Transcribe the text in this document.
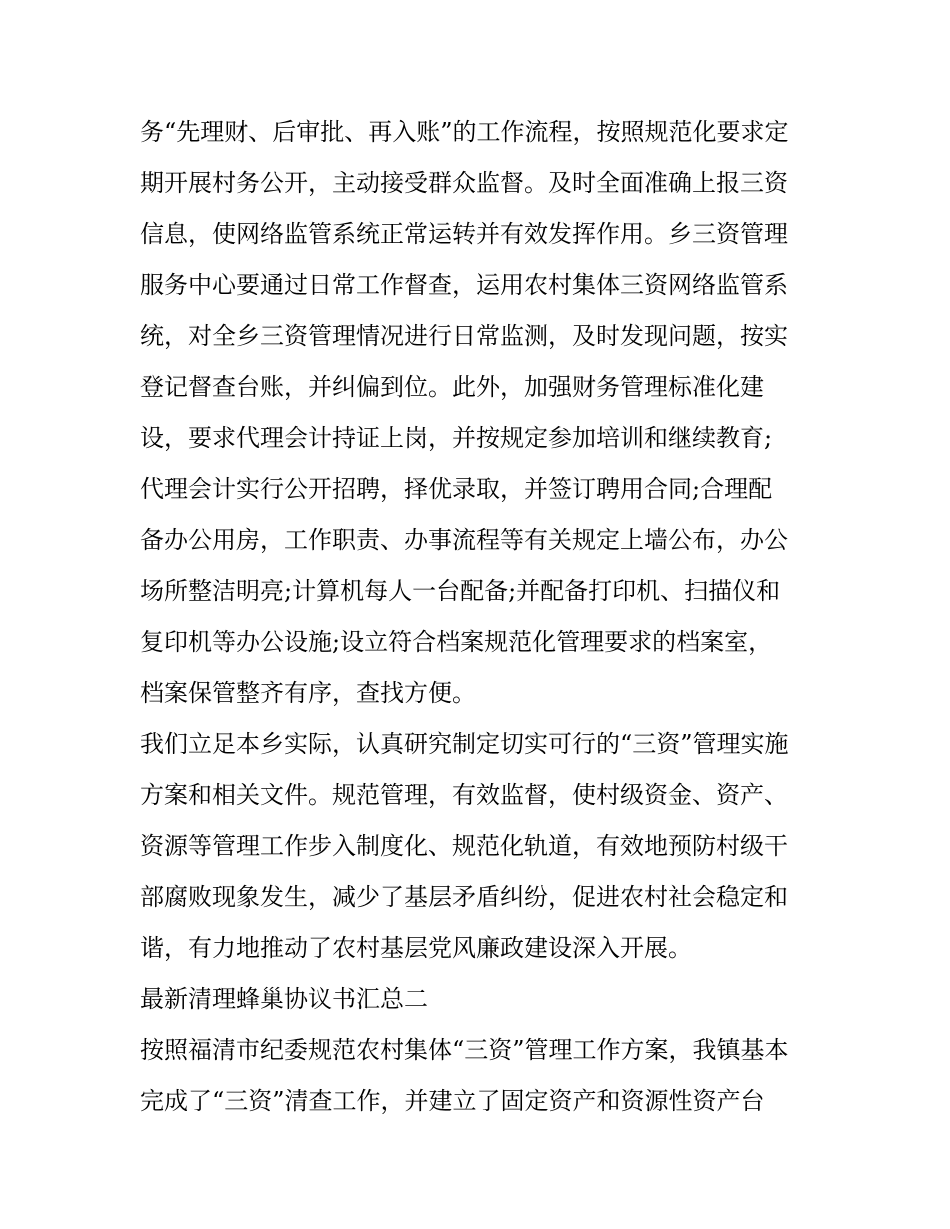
务“先理财、后审批、再入账”的工作流程，按照规范化要求定
期开展村务公开，主动接受群众监督。及时全面准确上报三资
信息，使网络监管系统正常运转并有效发挥作用。乡三资管理
服务中心要通过日常工作督查，运用农村集体三资网络监管系
统，对全乡三资管理情况进行日常监测，及时发现问题，按实
登记督查台账，并纠偏到位。此外，加强财务管理标准化建
设，要求代理会计持证上岗，并按规定参加培训和继续教育;
代理会计实行公开招聘，择优录取，并签订聘用合同;合理配
备办公用房，工作职责、办事流程等有关规定上墙公布，办公
场所整洁明亮;计算机每人一台配备;并配备打印机、扫描仪和
复印机等办公设施;设立符合档案规范化管理要求的档案室，
档案保管整齐有序，查找方便。
我们立足本乡实际，认真研究制定切实可行的“三资”管理实施
方案和相关文件。规范管理，有效监督，使村级资金、资产、
资源等管理工作步入制度化、规范化轨道，有效地预防村级干
部腐败现象发生，减少了基层矛盾纠纷，促进农村社会稳定和
谐，有力地推动了农村基层党风廉政建设深入开展。
最新清理蜂巢协议书汇总二
按照福清市纪委规范农村集体“三资”管理工作方案，我镇基本
完成了“三资”清查工作，并建立了固定资产和资源性资产台
